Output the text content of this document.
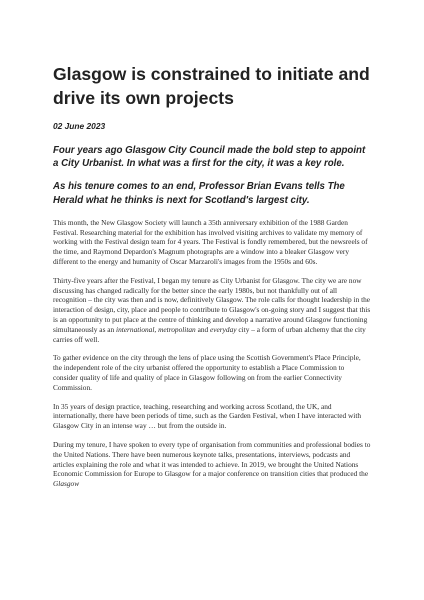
Glasgow is constrained to initiate and drive its own projects

02 June 2023

Four years ago Glasgow City Council made the bold step to appoint a City Urbanist. In what was a first for the city, it was a key role.

As his tenure comes to an end, Professor Brian Evans tells The Herald what he thinks is next for Scotland's largest city.

This month, the New Glasgow Society will launch a 35th anniversary exhibition of the 1988 Garden Festival. Researching material for the exhibition has involved visiting archives to validate my memory of working with the Festival design team for 4 years. The Festival is fondly remembered, but the newsreels of the time, and Raymond Depardon's Magnum photographs are a window into a bleaker Glasgow very different to the energy and humanity of Oscar Marzaroli's images from the 1950s and 60s.

Thirty-five years after the Festival, I began my tenure as City Urbanist for Glasgow. The city we are now discussing has changed radically for the better since the early 1980s, but not thankfully out of all recognition – the city was then and is now, definitively Glasgow. The role calls for thought leadership in the interaction of design, city, place and people to contribute to Glasgow's on-going story and I suggest that this is an opportunity to put place at the centre of thinking and develop a narrative around Glasgow functioning simultaneously as an international, metropolitan and everyday city – a form of urban alchemy that the city carries off well.

To gather evidence on the city through the lens of place using the Scottish Government's Place Principle, the independent role of the city urbanist offered the opportunity to establish a Place Commission to consider quality of life and quality of place in Glasgow following on from the earlier Connectivity Commission.

In 35 years of design practice, teaching, researching and working across Scotland, the UK, and internationally, there have been periods of time, such as the Garden Festival, when I have interacted with Glasgow City in an intense way … but from the outside in.

During my tenure, I have spoken to every type of organisation from communities and professional bodies to the United Nations. There have been numerous keynote talks, presentations, interviews, podcasts and articles explaining the role and what it was intended to achieve. In 2019, we brought the United Nations Economic Commission for Europe to Glasgow for a major conference on transition cities that produced the Glasgow
